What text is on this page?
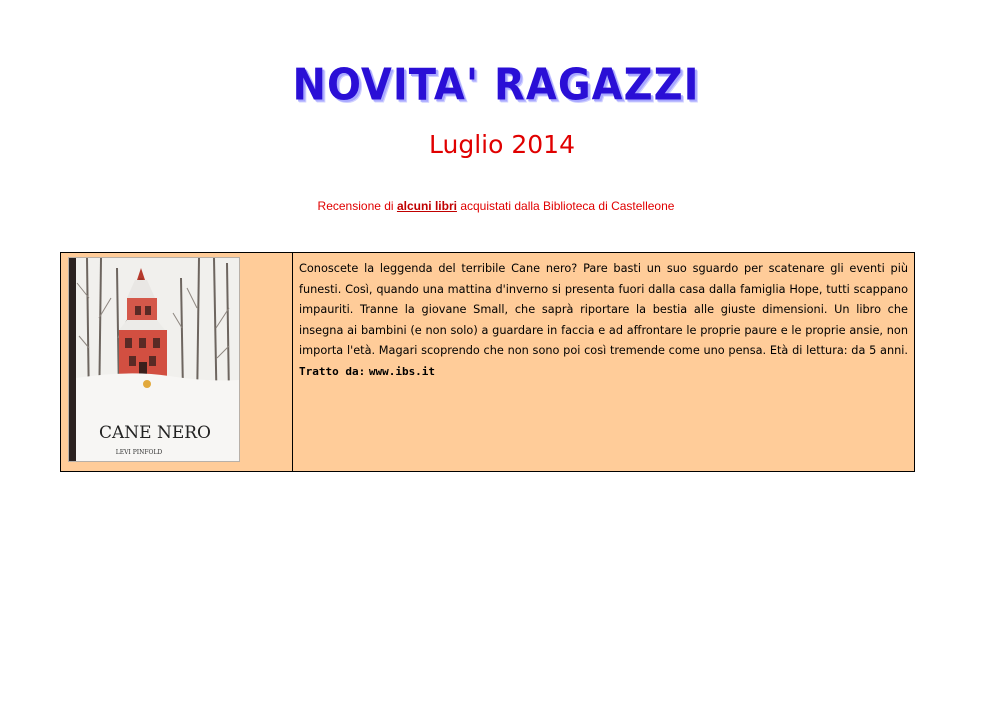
NOVITA' RAGAZZI
Luglio 2014
Recensione di alcuni libri acquistati dalla Biblioteca di Castelleone
CANE NERO
LEVI PINFOLD
Conoscete la leggenda del terribile Cane nero? Pare basti un suo sguardo per scatenare gli eventi più funesti. Così, quando una mattina d'inverno si presenta fuori dalla casa dalla famiglia Hope, tutti scappano impauriti. Tranne la giovane Small, che saprà riportare la bestia alle giuste dimensioni. Un libro che insegna ai bambini (e non solo) a guardare in faccia e ad affrontare le proprie paure e le proprie ansie, non importa l'età. Magari scoprendo che non sono poi così tremende come uno pensa. Età di lettura: da 5 anni. Tratto da: www.ibs.it
